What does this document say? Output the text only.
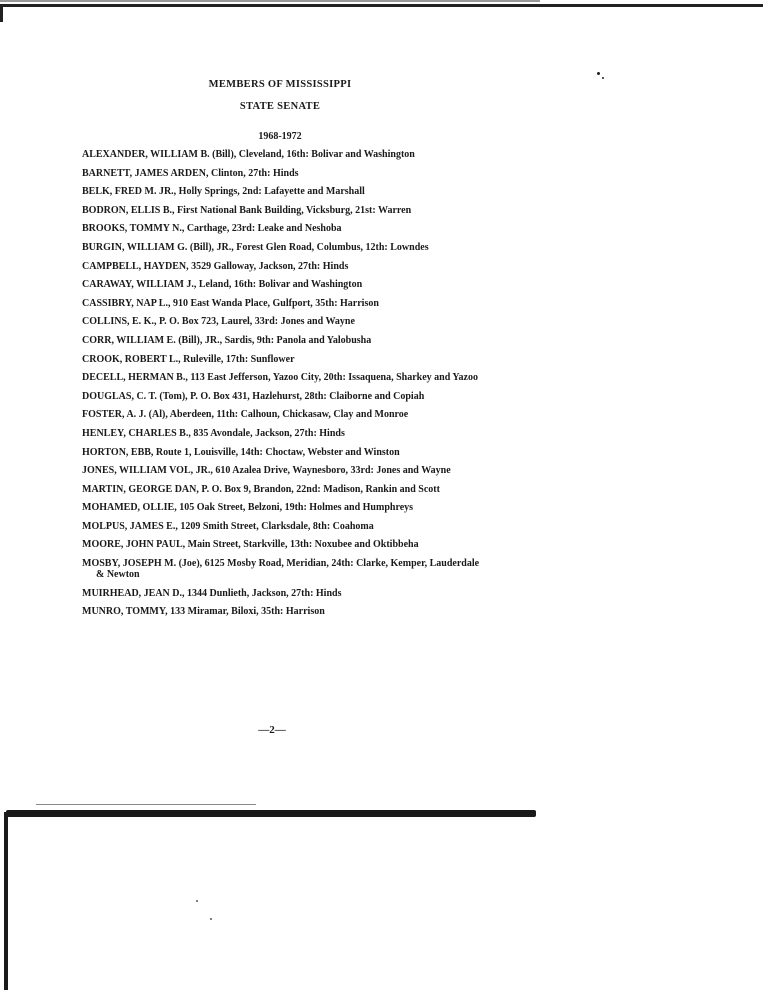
MEMBERS OF MISSISSIPPI
STATE SENATE
1968-1972
ALEXANDER, WILLIAM B. (Bill), Cleveland, 16th: Bolivar and Washington
BARNETT, JAMES ARDEN, Clinton, 27th: Hinds
BELK, FRED M. JR., Holly Springs, 2nd: Lafayette and Marshall
BODRON, ELLIS B., First National Bank Building, Vicksburg, 21st: Warren
BROOKS, TOMMY N., Carthage, 23rd: Leake and Neshoba
BURGIN, WILLIAM G. (Bill), JR., Forest Glen Road, Columbus, 12th: Lowndes
CAMPBELL, HAYDEN, 3529 Galloway, Jackson, 27th: Hinds
CARAWAY, WILLIAM J., Leland, 16th: Bolivar and Washington
CASSIBRY, NAP L., 910 East Wanda Place, Gulfport, 35th: Harrison
COLLINS, E. K., P. O. Box 723, Laurel, 33rd: Jones and Wayne
CORR, WILLIAM E. (Bill), JR., Sardis, 9th: Panola and Yalobusha
CROOK, ROBERT L., Ruleville, 17th: Sunflower
DECELL, HERMAN B., 113 East Jefferson, Yazoo City, 20th: Issaquena, Sharkey and Yazoo
DOUGLAS, C. T. (Tom), P. O. Box 431, Hazlehurst, 28th: Claiborne and Copiah
FOSTER, A. J. (Al), Aberdeen, 11th: Calhoun, Chickasaw, Clay and Monroe
HENLEY, CHARLES B., 835 Avondale, Jackson, 27th: Hinds
HORTON, EBB, Route 1, Louisville, 14th: Choctaw, Webster and Winston
JONES, WILLIAM VOL, JR., 610 Azalea Drive, Waynesboro, 33rd: Jones and Wayne
MARTIN, GEORGE DAN, P. O. Box 9, Brandon, 22nd: Madison, Rankin and Scott
MOHAMED, OLLIE, 105 Oak Street, Belzoni, 19th: Holmes and Humphreys
MOLPUS, JAMES E., 1209 Smith Street, Clarksdale, 8th: Coahoma
MOORE, JOHN PAUL, Main Street, Starkville, 13th: Noxubee and Oktibbeha
MOSBY, JOSEPH M. (Joe), 6125 Mosby Road, Meridian, 24th: Clarke, Kemper, Lauderdale & Newton
MUIRHEAD, JEAN D., 1344 Dunlieth, Jackson, 27th: Hinds
MUNRO, TOMMY, 133 Miramar, Biloxi, 35th: Harrison
—2—
